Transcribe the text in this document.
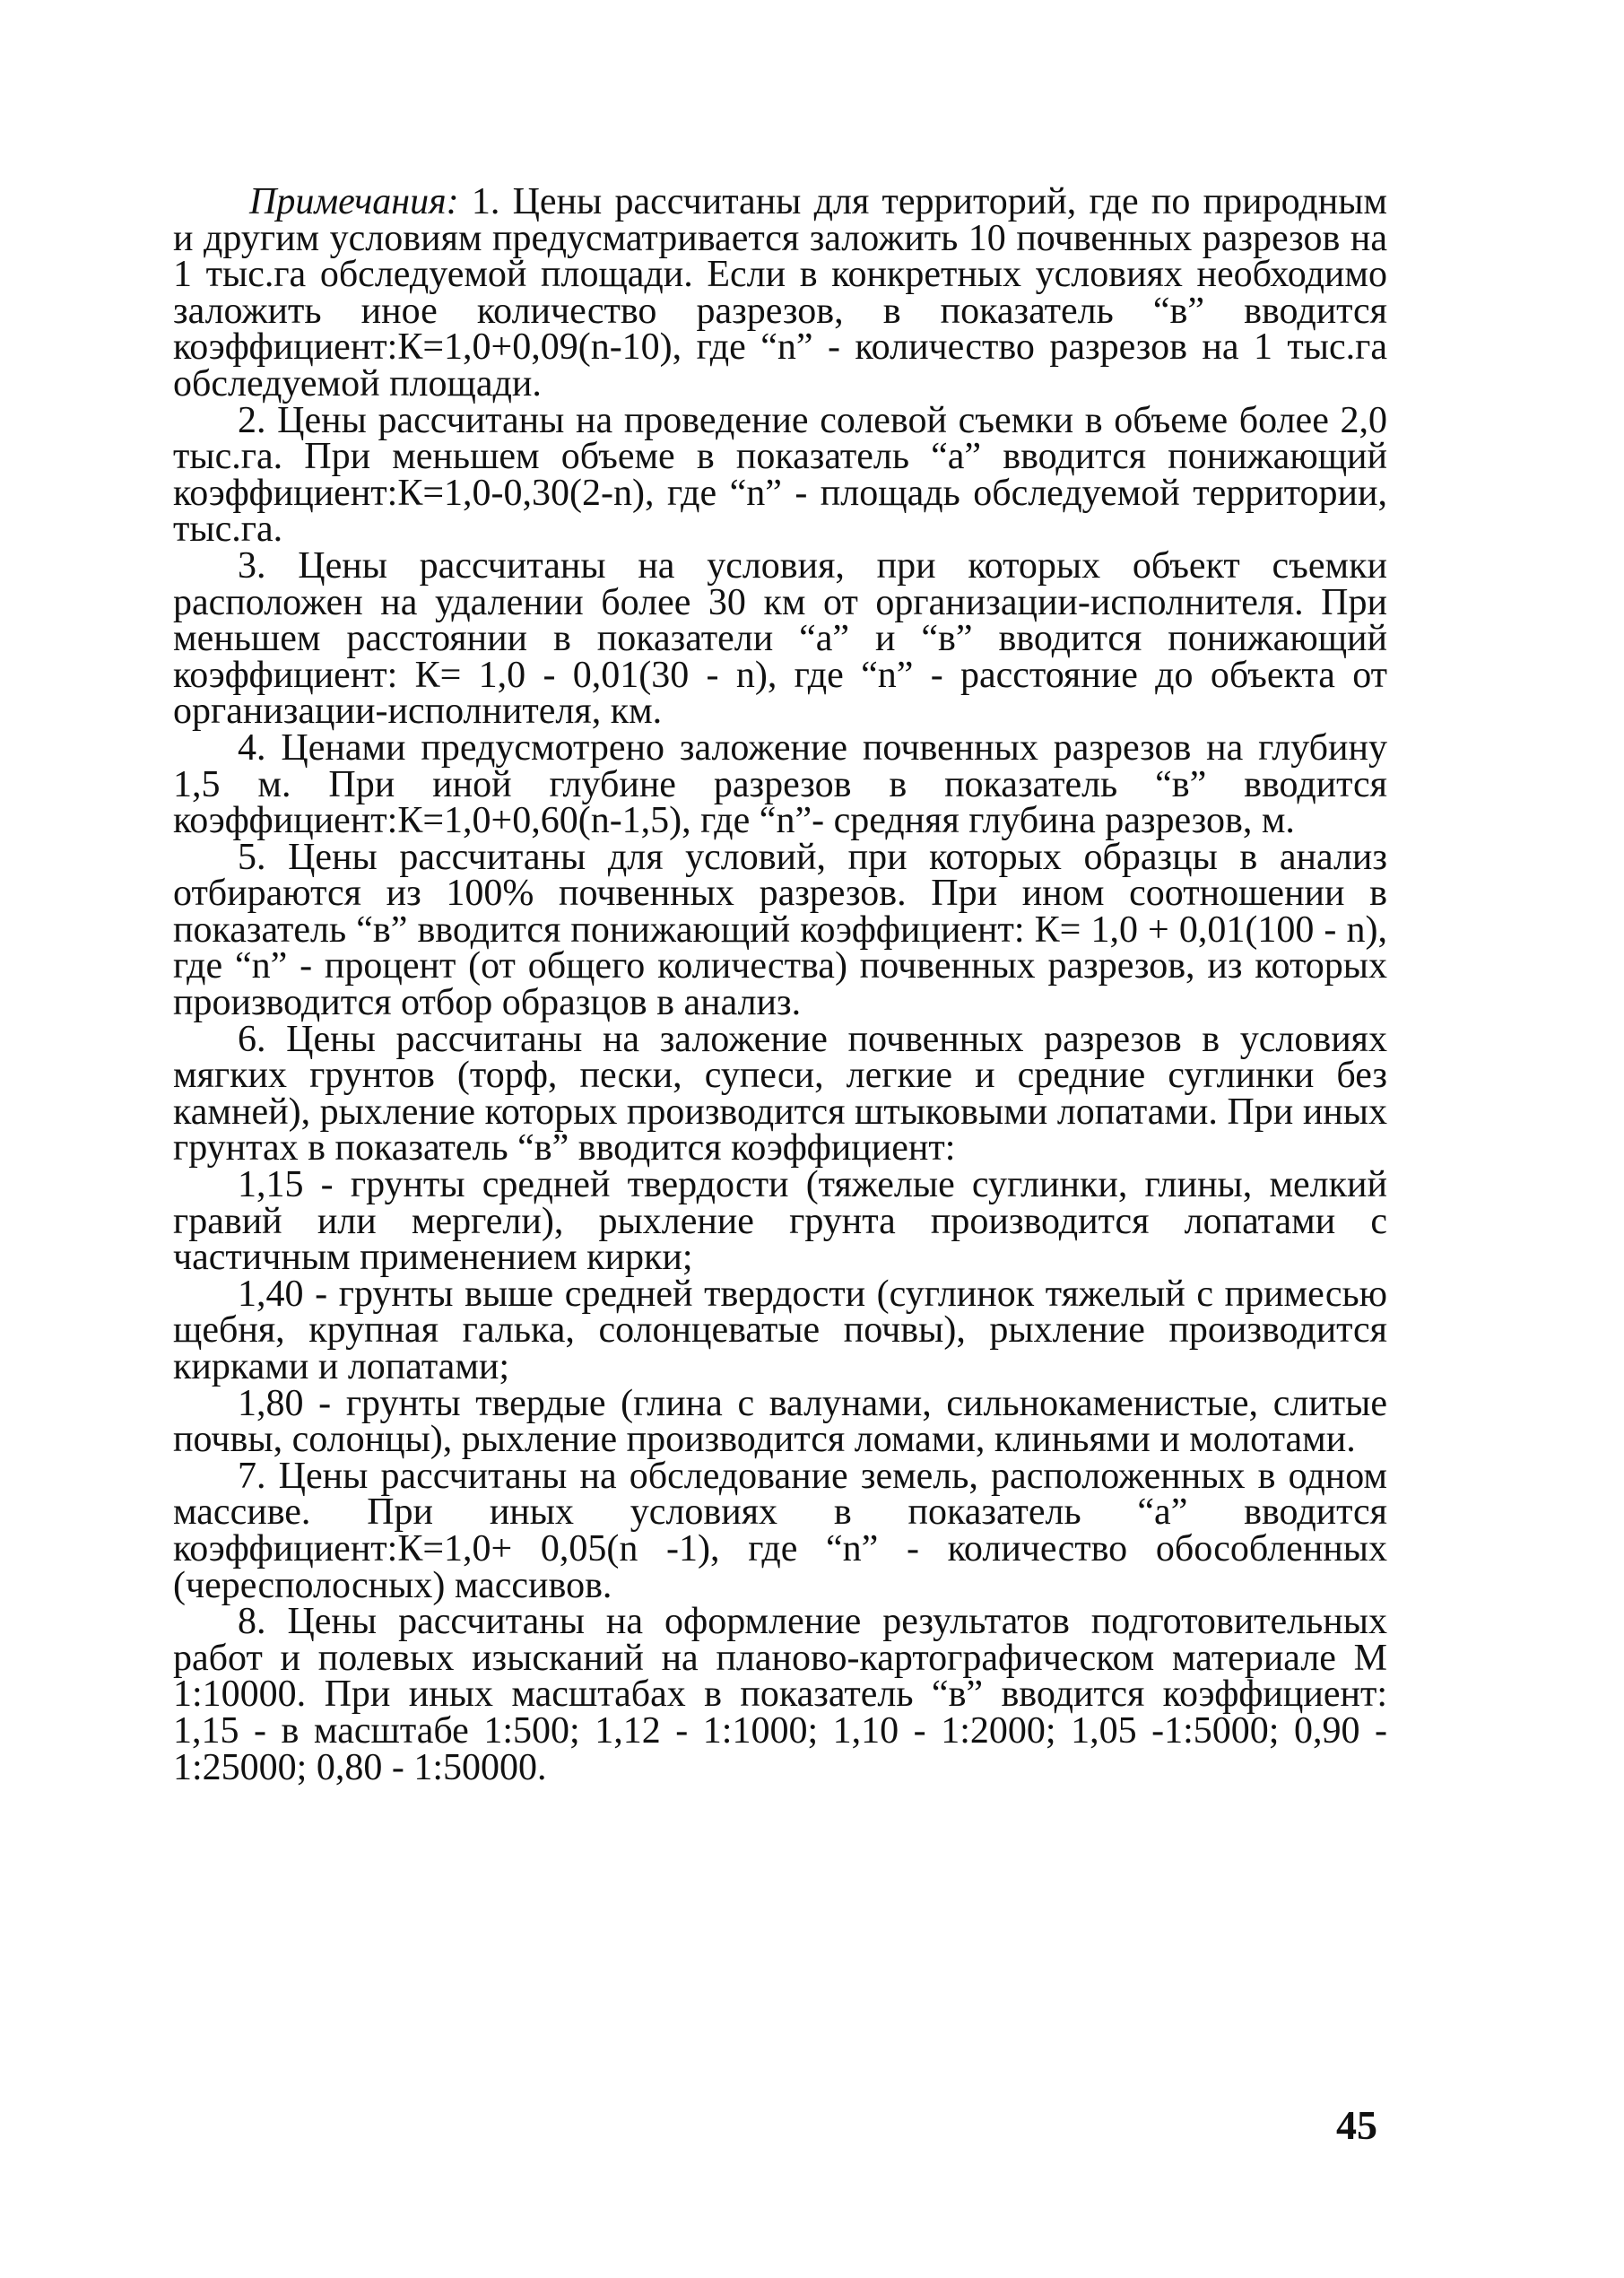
Примечания: 1. Цены рассчитаны для территорий, где по природным и другим условиям предусматривается заложить 10 почвенных разрезов на 1 тыс.га обследуемой площади. Если в конкретных условиях необходимо заложить иное количество разрезов, в показатель “в” вводится коэффициент:К=1,0+0,09(n-10), где “n” - количество разрезов на 1 тыс.га обследуемой площади.

2. Цены рассчитаны на проведение солевой съемки в объеме более 2,0 тыс.га. При меньшем объеме в показатель “а” вводится понижающий коэффициент:К=1,0-0,30(2-n), где “n” - площадь обследуемой территории, тыс.га.

3. Цены рассчитаны на условия, при которых объект съемки расположен на удалении более 30 км от организации-исполнителя. При меньшем расстоянии в показатели “а” и “в” вводится понижающий коэффициент: К= 1,0 - 0,01(30 - n), где “n” - расстояние до объекта от организации-исполнителя, км.

4. Ценами предусмотрено заложение почвенных разрезов на глубину 1,5 м. При иной глубине разрезов в показатель “в” вводится коэффициент:К=1,0+0,60(n-1,5), где “n”- средняя глубина разрезов, м.

5. Цены рассчитаны для условий, при которых образцы в анализ отбираются из 100% почвенных разрезов. При ином соотношении в показатель “в” вводится понижающий коэффициент: К= 1,0 + 0,01(100 - n), где “n” - процент (от общего количества) почвенных разрезов, из которых производится отбор образцов в анализ.

6. Цены рассчитаны на заложение почвенных разрезов в условиях мягких грунтов (торф, пески, супеси, легкие и средние суглинки без камней), рыхление которых производится штыковыми лопатами. При иных грунтах в показатель “в” вводится коэффициент:

1,15 - грунты средней твердости (тяжелые суглинки, глины, мелкий гравий или мергели), рыхление грунта производится лопатами с частичным применением кирки;

1,40 - грунты выше средней твердости (суглинок тяжелый с примесью щебня, крупная галька, солонцеватые почвы), рыхление производится кирками и лопатами;

1,80 - грунты твердые (глина с валунами, сильнокаменистые, слитые почвы, солонцы), рыхление производится ломами, клиньями и молотами.

7. Цены рассчитаны на обследование земель, расположенных в одном массиве. При иных условиях в показатель “а” вводится коэффициент:К=1,0+ 0,05(n -1), где “n” - количество обособленных (чересполосных) массивов.

8. Цены рассчитаны на оформление результатов подготовительных работ и полевых изысканий на планово-картографическом материале М 1:10000. При иных масштабах в показатель “в” вводится коэффициент: 1,15 - в масштабе 1:500; 1,12 - 1:1000; 1,10 - 1:2000; 1,05 -1:5000; 0,90 - 1:25000; 0,80 - 1:50000.

45
